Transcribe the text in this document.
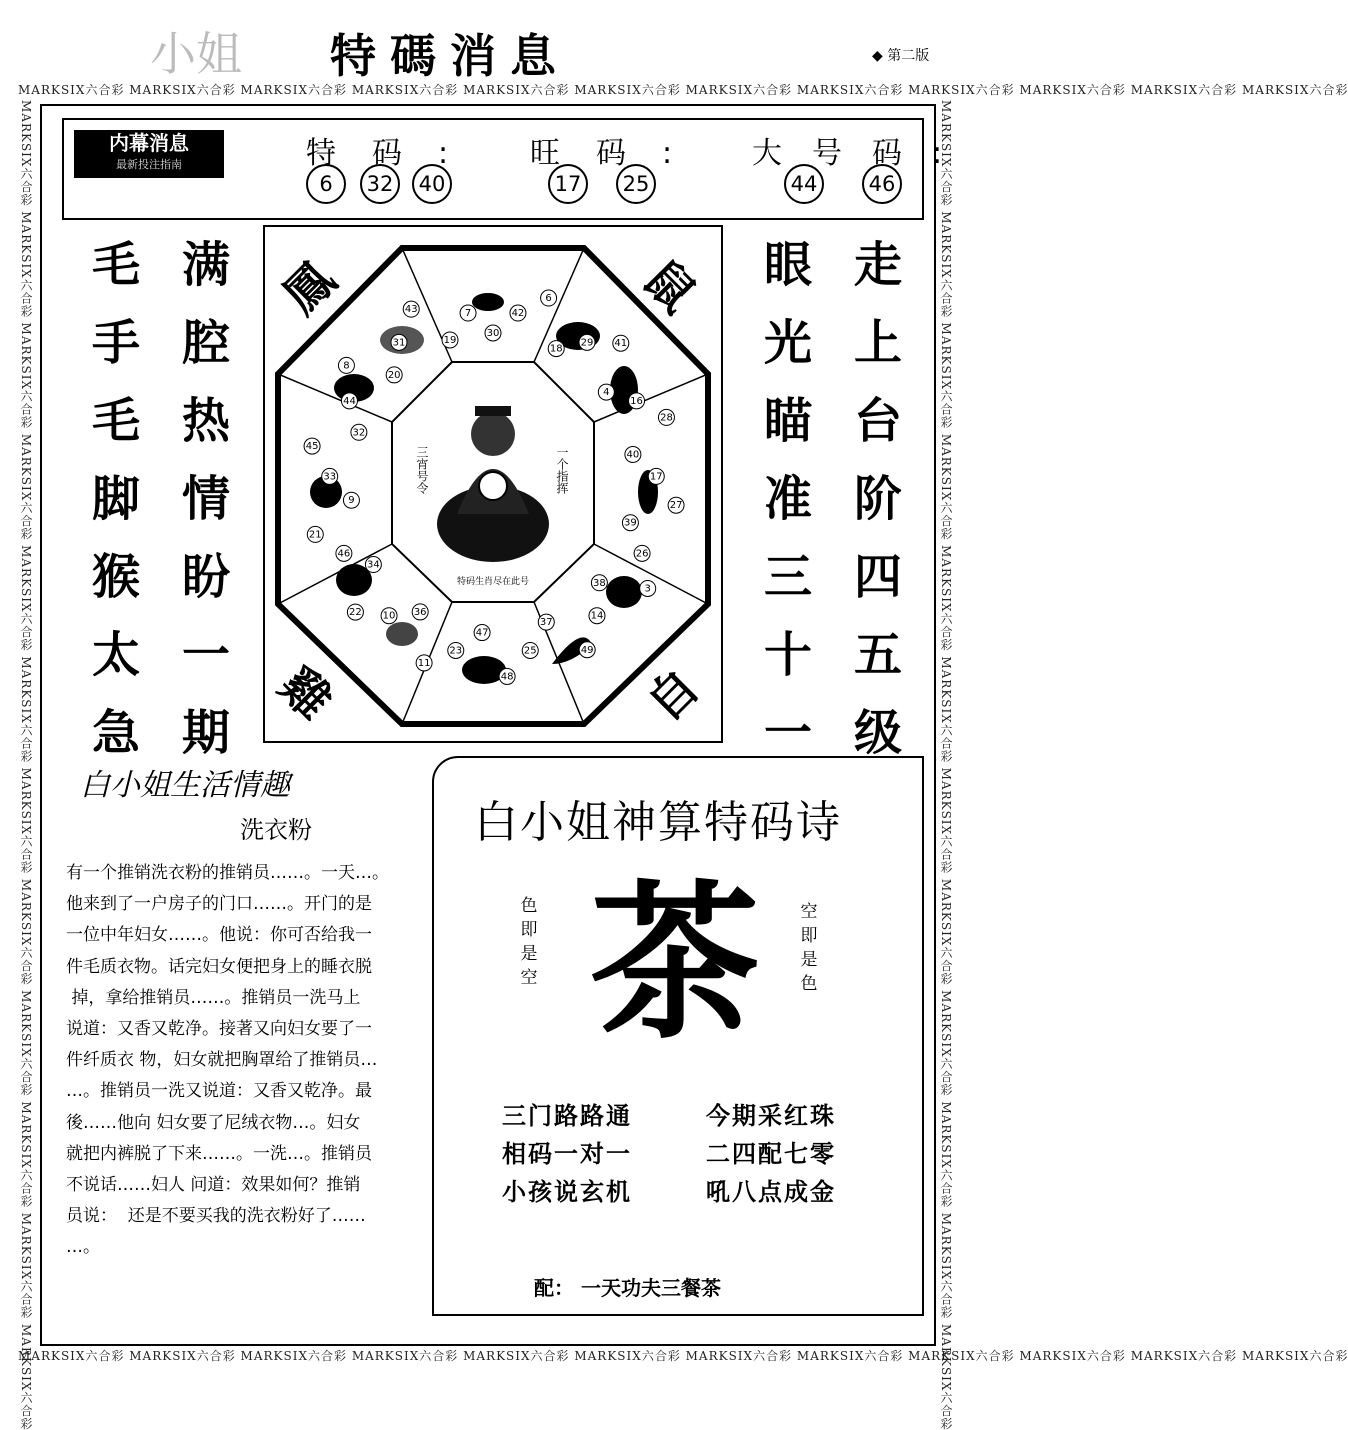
MARKSIX六合彩 MARKSIX六合彩 MARKSIX六合彩 MARKSIX六合彩 MARKSIX六合彩 MARKSIX六合彩 MARKSIX六合彩 MARKSIX六合彩 MARKSIX六合彩 MARKSIX六合彩 MARKSIX六合彩 MARKSIX六合彩
MARKSIX六合彩 MARKSIX六合彩 MARKSIX六合彩 MARKSIX六合彩 MARKSIX六合彩 MARKSIX六合彩 MARKSIX六合彩 MARKSIX六合彩 MARKSIX六合彩 MARKSIX六合彩 MARKSIX六合彩 MARKSIX六合彩
MARKSIX六合彩 MARKSIX六合彩 MARKSIX六合彩 MARKSIX六合彩 MARKSIX六合彩 MARKSIX六合彩 MARKSIX六合彩 MARKSIX六合彩 MARKSIX六合彩 MARKSIX六合彩 MARKSIX六合彩 MARKSIX六合彩	MARKSIX六合彩 MARKSIX六合彩 MARKSIX六合彩 MARKSIX六合彩 MARKSIX六合彩 MARKSIX六合彩 MARKSIX六合彩 MARKSIX六合彩 MARKSIX六合彩 MARKSIX六合彩 MARKSIX六合彩 MARKSIX六合彩
小姐 特碼消息	◆ 第二版
内幕消息
最新投注指南	特码:
6	32	40
旺码:
17	25
大号码:
44	46
毛
手
毛
脚
猴
太
急
满
腔
热
情
盼
一
期
眼
光
瞄
准
三
十
一
走
上
台
阶
四
五
级
三宵号令	一个指挥
特码生肖尽在此号
鳳	鼠
雞	自
30
42
6
18
29 41
4
16
28
40
17
27
39
26
3
38
14
49
37
25
48
47
23
11
36
10
22
34
46
21
9
33
45
32
44
8
20
31
43
19
7
白小姐生活情趣
洗衣粉
有一个推销洗衣粉的推销员……。一天…。
他来到了一户房子的门口……。开门的是
一位中年妇女……。他说：你可否给我一
件毛质衣物。话完妇女便把身上的睡衣脱
掉，拿给推销员……。推销员一洗马上
说道：又香又乾净。接著又向妇女要了一
件纤质衣 物，妇女就把胸罩给了推销员…
…。推销员一洗又说道：又香又乾净。最
後……他向 妇女要了尼绒衣物…。妇女
就把内裤脱了下来……。一洗…。推销员
不说话……妇人 问道：效果如何？推销
员说：  还是不要买我的洗衣粉好了……
…。
白小姐神算特码诗
茶
色即是空
空即是色
三门路路通
相码一对一
小孩说玄机
今期采红珠
二四配七零
吼八点成金
配： 一天功夫三餐茶
